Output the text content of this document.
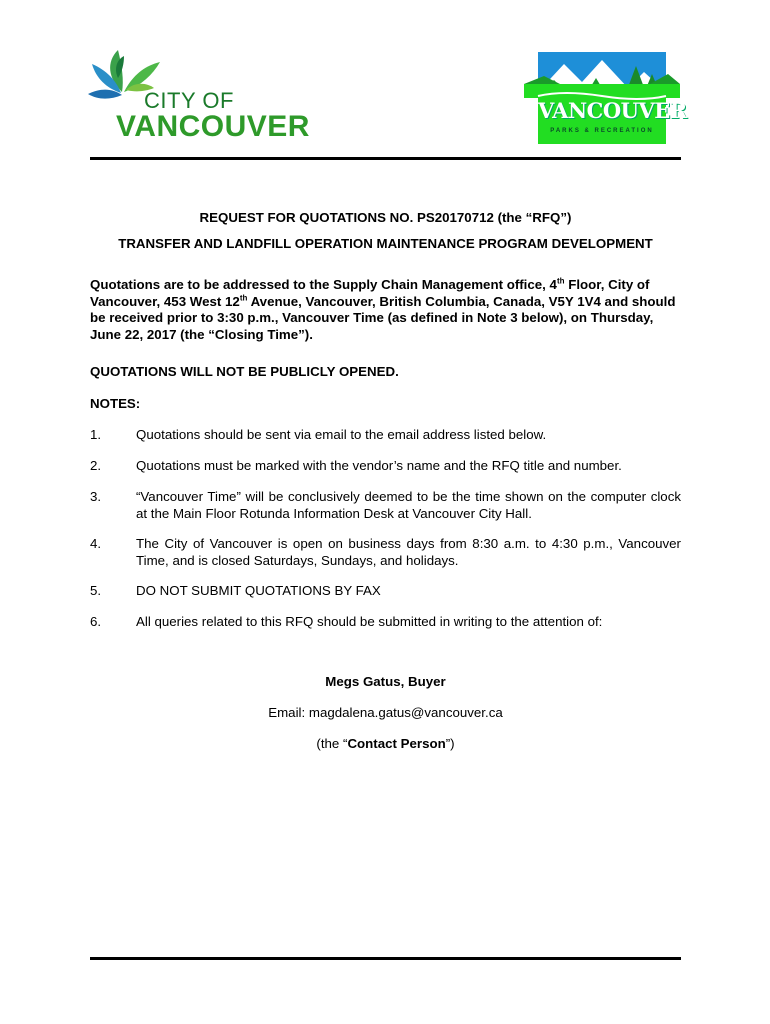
CITY OF
VANCOUVER	VANCOUVER
PARKS & RECREATION
REQUEST FOR QUOTATIONS NO. PS20170712 (the “RFQ”)
TRANSFER AND LANDFILL OPERATION MAINTENANCE PROGRAM DEVELOPMENT
Quotations are to be addressed to the Supply Chain Management office, 4th Floor, City of Vancouver, 453 West 12th Avenue, Vancouver, British Columbia, Canada, V5Y 1V4 and should be received prior to 3:30 p.m., Vancouver Time (as defined in Note 3 below), on Thursday, June 22, 2017 (the “Closing Time”).
QUOTATIONS WILL NOT BE PUBLICLY OPENED.
NOTES:
1.	Quotations should be sent via email to the email address listed below.
2.	Quotations must be marked with the vendor’s name and the RFQ title and number.
3.	“Vancouver Time” will be conclusively deemed to be the time shown on the computer clock at the Main Floor Rotunda Information Desk at Vancouver City Hall.
4.	The City of Vancouver is open on business days from 8:30 a.m. to 4:30 p.m., Vancouver Time, and is closed Saturdays, Sundays, and holidays.
5.	DO NOT SUBMIT QUOTATIONS BY FAX
6.	All queries related to this RFQ should be submitted in writing to the attention of:
Megs Gatus, Buyer
Email: magdalena.gatus@vancouver.ca
(the “Contact Person”)
